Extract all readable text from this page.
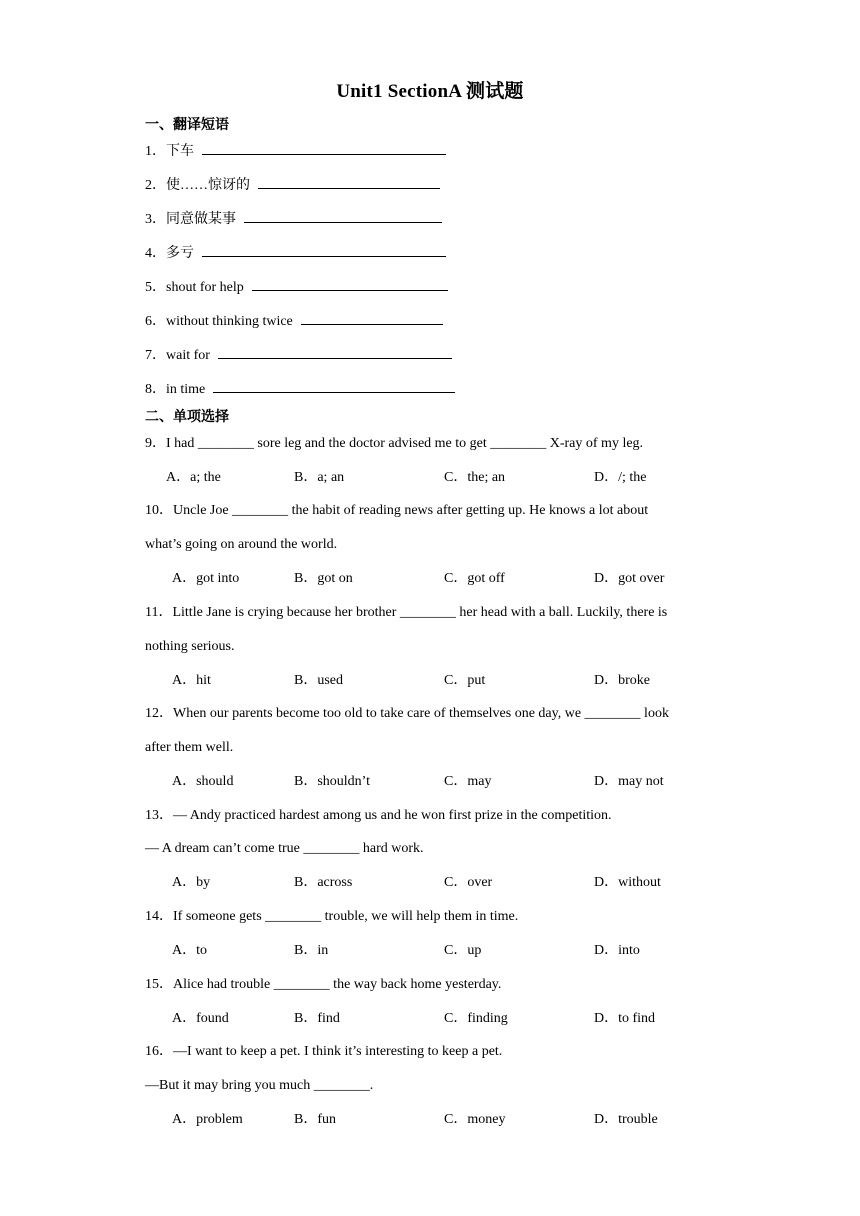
Unit1 SectionA 测试题
一、翻译短语
1．下车
2．使……惊讶的
3．同意做某事
4．多亏
5．shout for help
6．without thinking twice
7．wait for
8．in time
二、单项选择
9．I had ________ sore leg and the doctor advised me to get ________ X-ray of my leg.
A．a; the	B．a; an	C．the; an	D．/; the
10．Uncle Joe ________ the habit of reading news after getting up. He knows a lot about
what’s going on around the world.
A．got into	B．got on	C．got off	D．got over
11．Little Jane is crying because her brother ________ her head with a ball. Luckily, there is
nothing serious.
A．hit	B．used	C．put	D．broke
12．When our parents become too old to take care of themselves one day, we ________ look
after them well.
A．should	B．shouldn’t	C．may	D．may not
13．— Andy practiced hardest among us and he won first prize in the competition.
— A dream can’t come true ________ hard work.
A．by	B．across	C．over	D．without
14．If someone gets ________ trouble, we will help them in time.
A．to	B．in	C．up	D．into
15．Alice had trouble ________ the way back home yesterday.
A．found	B．find	C．finding	D．to find
16．—I want to keep a pet. I think it’s interesting to keep a pet.
—But it may bring you much ________.
A．problem	B．fun	C．money	D．trouble
